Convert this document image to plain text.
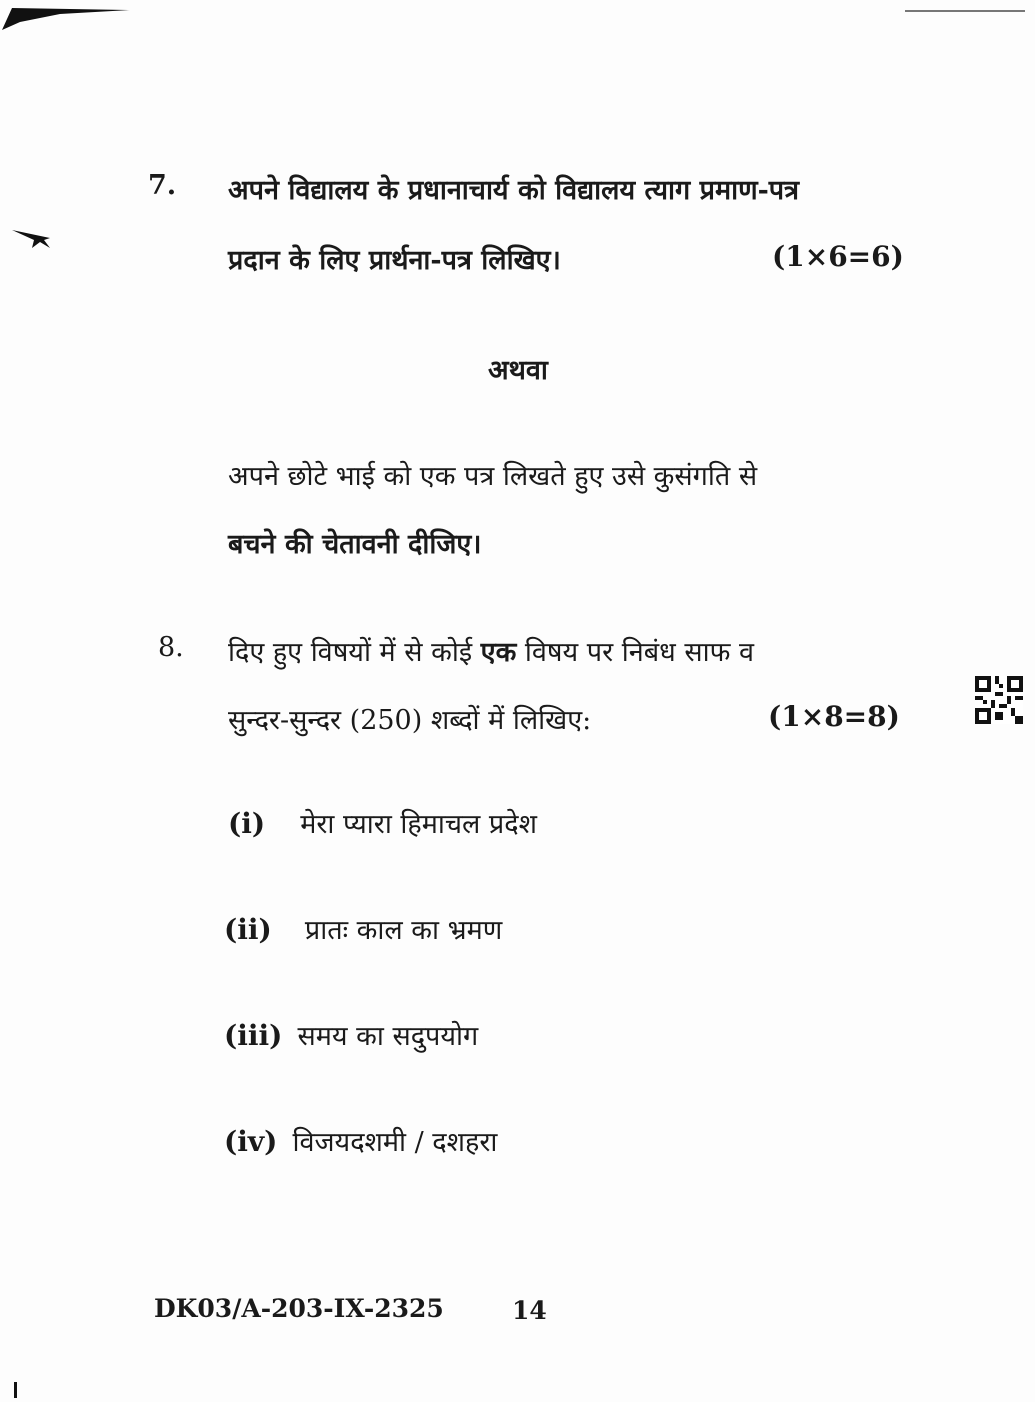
7. अपने विद्यालय के प्रधानाचार्य को विद्यालय त्याग प्रमाण-पत्र
प्रदान के लिए प्रार्थना-पत्र लिखिए।	(1×6=6)
अथवा
अपने छोटे भाई को एक पत्र लिखते हुए उसे कुसंगति से
बचने की चेतावनी दीजिए।
8. दिए हुए विषयों में से कोई एक विषय पर निबंध साफ व
सुन्दर-सुन्दर (250) शब्दों में लिखिए:	(1×8=8)
(i) मेरा प्यारा हिमाचल प्रदेश
(ii) प्रातः काल का भ्रमण
(iii) समय का सदुपयोग
(iv) विजयदशमी / दशहरा
DK03/A-203-IX-2325	14
